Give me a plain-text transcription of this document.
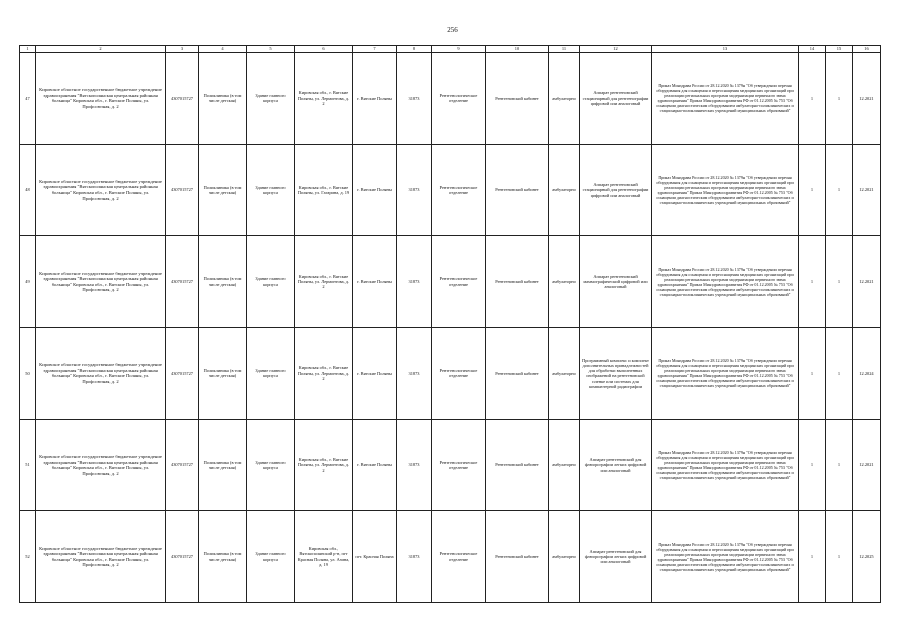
256
1	2	3	4	5	6	7	8	9	10	11	12	13	14	15	16
47	Кировское областное государственное бюджетное учреждение здравоохранения "Вятскополянская центральная районная больница" Кировская обл., г. Вятские Поляны, ул. Профсоюзная, д. 2	4307015727	Поликлиника (в том числе детская)	Здание главного корпуса	Кировская обл., г. Вятские Поляны, ул. Лермонтова, д. 2	г. Вятские Поляны	31873	Рентгенологическое отделение	Рентгеновский кабинет	амбулаторно	Аппарат рентгеновский стационарный для рентгенографии цифровой или аналоговый	Приказ Минздрава России от 28.12.2020 № 1379н "Об утверждении перечня оборудования для оснащения и переоснащения медицинских организаций при реализации региональных программ модернизации первичного звена здравоохранения" Приказ Минздравсоцразвития РФ от 01.12.2005 № 753 "Об оснащении диагностическим оборудованием амбулаторно-поликлинических и стационарно-поликлинических учреждений муниципальных образований"	1	1	12.2021
48	Кировское областное государственное бюджетное учреждение здравоохранения "Вятскополянская центральная районная больница" Кировская обл., г. Вятские Поляны, ул. Профсоюзная, д. 2	4307015727	Поликлиника (в том числе детская)	Здание главного корпуса	Кировская обл., г. Вятские Поляны, ул. Гагарина, д. 19	г. Вятские Поляны	31873	Рентгенологическое отделение	Рентгеновский кабинет	амбулаторно	Аппарат рентгеновский стационарный для рентгенографии цифровой или аналоговый	Приказ Минздрава России от 28.12.2020 № 1379н "Об утверждении перечня оборудования для оснащения и переоснащения медицинских организаций при реализации региональных программ модернизации первичного звена здравоохранения" Приказ Минздравсоцразвития РФ от 01.12.2005 № 753 "Об оснащении диагностическим оборудованием амбулаторно-поликлинических и стационарно-поликлинических учреждений муниципальных образований"	1	1	12.2021
49	Кировское областное государственное бюджетное учреждение здравоохранения "Вятскополянская центральная районная больница" Кировская обл., г. Вятские Поляны, ул. Профсоюзная, д. 2	4307015727	Поликлиника (в том числе детская)	Здание главного корпуса	Кировская обл., г. Вятские Поляны, ул. Лермонтова, д. 2	г. Вятские Поляны	31873	Рентгенологическое отделение	Рентгеновский кабинет	амбулаторно	Аппарат рентгеновский маммографический цифровой или аналоговый	Приказ Минздрава России от 28.12.2020 № 1379н "Об утверждении перечня оборудования для оснащения и переоснащения медицинских организаций при реализации региональных программ модернизации первичного звена здравоохранения" Приказ Минздравсоцразвития РФ от 01.12.2005 № 753 "Об оснащении диагностическим оборудованием амбулаторно-поликлинических и стационарно-поликлинических учреждений муниципальных образований"	1	1	12.2021
50	Кировское областное государственное бюджетное учреждение здравоохранения "Вятскополянская центральная районная больница" Кировская обл., г. Вятские Поляны, ул. Профсоюзная, д. 2	4307015727	Поликлиника (в том числе детская)	Здание главного корпуса	Кировская обл., г. Вятские Поляны, ул. Лермонтова, д. 2	г. Вятские Поляны	31873	Рентгенологическое отделение	Рентгеновский кабинет	амбулаторно	Программный комплекс и комплект дополнительных принадлежностей для обработки выполненных изображений на рентгеновской пленке или системах для компьютерной радиографии	Приказ Минздрава России от 28.12.2020 № 1379н "Об утверждении перечня оборудования для оснащения и переоснащения медицинских организаций при реализации региональных программ модернизации первичного звена здравоохранения" Приказ Минздравсоцразвития РФ от 01.12.2005 № 753 "Об оснащении диагностическим оборудованием амбулаторно-поликлинических и стационарно-поликлинических учреждений муниципальных образований"	1	1	12.2024
51	Кировское областное государственное бюджетное учреждение здравоохранения "Вятскополянская центральная районная больница" Кировская обл., г. Вятские Поляны, ул. Профсоюзная, д. 2	4307015727	Поликлиника (в том числе детская)	Здание главного корпуса	Кировская обл., г. Вятские Поляны, ул. Лермонтова, д. 2	г. Вятские Поляны	31873	Рентгенологическое отделение	Рентгеновский кабинет	амбулаторно	Аппарат рентгеновский для флюорографии легких цифровой или аналоговый	Приказ Минздрава России от 28.12.2020 № 1379н "Об утверждении перечня оборудования для оснащения и переоснащения медицинских организаций при реализации региональных программ модернизации первичного звена здравоохранения" Приказ Минздравсоцразвития РФ от 01.12.2005 № 753 "Об оснащении диагностическим оборудованием амбулаторно-поликлинических и стационарно-поликлинических учреждений муниципальных образований"	1	1	12.2021
52	Кировское областное государственное бюджетное учреждение здравоохранения "Вятскополянская центральная районная больница" Кировская обл., г. Вятские Поляны, ул. Профсоюзная, д. 2	4307015727	Поликлиника (в том числе детская)	Здание главного корпуса	Кировская обл., Вятскополянский р-н, пгт Красная Поляна, ул. Азина, д. 19	пгт. Красная Поляна	31873	Рентгенологическое отделение	Рентгеновский кабинет	амбулаторно	Аппарат рентгеновский для флюорографии легких цифровой или аналоговый	Приказ Минздрава России от 28.12.2020 № 1379н "Об утверждении перечня оборудования для оснащения и переоснащения медицинских организаций при реализации региональных программ модернизации первичного звена здравоохранения" Приказ Минздравсоцразвития РФ от 01.12.2005 № 753 "Об оснащении диагностическим оборудованием амбулаторно-поликлинических и стационарно-поликлинических учреждений муниципальных образований"	1	1	12.2025
